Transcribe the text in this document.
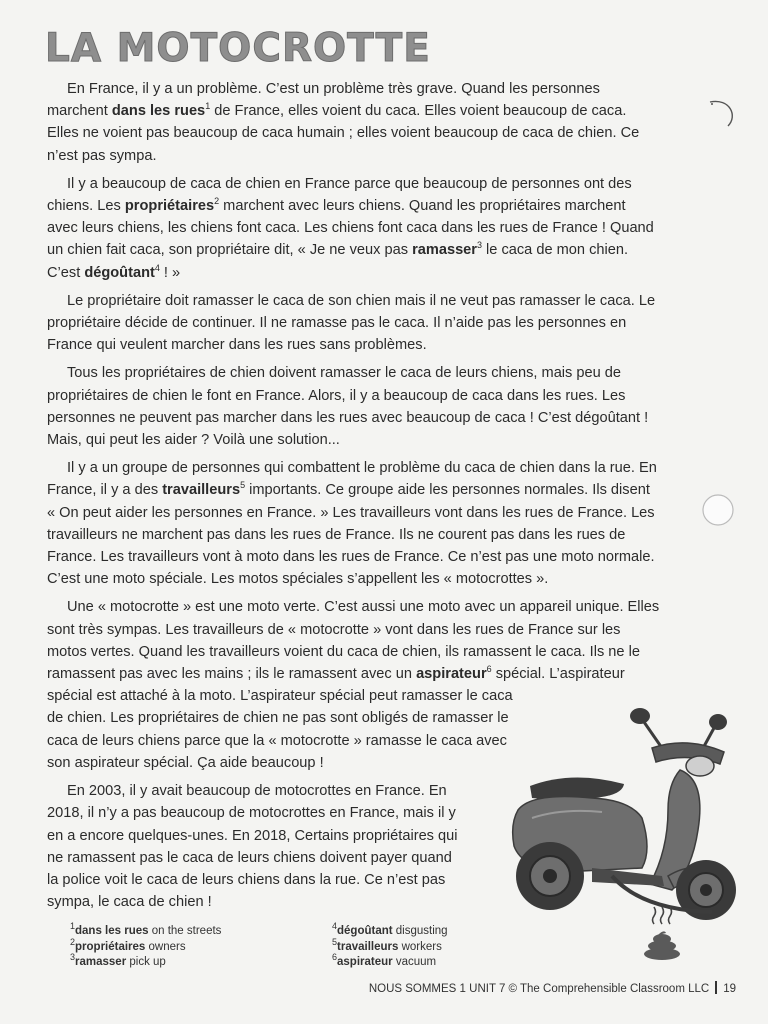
LA MOTOCROTTE
En France, il y a un problème. C’est un problème très grave. Quand les personnes
marchent dans les rues$^1$ de France, elles voient du caca. Elles voient beaucoup de caca.
Elles ne voient pas beaucoup de caca humain ; elles voient beaucoup de caca de chien. Ce
n’est pas sympa.
Il y a beaucoup de caca de chien en France parce que beaucoup de personnes ont des
chiens. Les propriétaires$^2$ marchent avec leurs chiens. Quand les propriétaires marchent
avec leurs chiens, les chiens font caca. Les chiens font caca dans les rues de France ! Quand
un chien fait caca, son propriétaire dit, « Je ne veux pas ramasser$^3$ le caca de mon chien.
C’est dégoûtant$^4$ ! »
Le propriétaire doit ramasser le caca de son chien mais il ne veut pas ramasser le caca. Le
propriétaire décide de continuer. Il ne ramasse pas le caca. Il n’aide pas les personnes en
France qui veulent marcher dans les rues sans problèmes.
Tous les propriétaires de chien doivent ramasser le caca de leurs chiens, mais peu de
propriétaires de chien le font en France. Alors, il y a beaucoup de caca dans les rues. Les
personnes ne peuvent pas marcher dans les rues avec beaucoup de caca ! C’est dégoûtant !
Mais, qui peut les aider ? Voilà une solution...
Il y a un groupe de personnes qui combattent le problème du caca de chien dans la rue. En
France, il y a des travailleurs$^5$ importants. Ce groupe aide les personnes normales. Ils disent
« On peut aider les personnes en France. » Les travailleurs vont dans les rues de France. Les
travailleurs ne marchent pas dans les rues de France. Ils ne courent pas dans les rues de
France. Les travailleurs vont à moto dans les rues de France. Ce n’est pas une moto normale.
C’est une moto spéciale. Les motos spéciales s’appellent les « motocrottes ».
Une « motocrotte » est une moto verte. C’est aussi une moto avec un appareil unique. Elles
sont très sympas. Les travailleurs de « motocrotte » vont dans les rues de France sur les
motos vertes. Quand les travailleurs voient du caca de chien, ils ramassent le caca. Ils ne le
ramassent pas avec les mains ; ils le ramassent avec un aspirateur$^6$ spécial. L’aspirateur
spécial est attaché à la moto. L’aspirateur spécial peut ramasser le caca
de chien. Les propriétaires de chien ne pas sont obligés de ramasser le
caca de leurs chiens parce que la « motocrotte » ramasse le caca avec
son aspirateur spécial. Ça aide beaucoup !
En 2003, il y avait beaucoup de motocrottes en France. En
2018, il n’y a pas beaucoup de motocrottes en France, mais il y
en a encore quelques-unes. En 2018, Certains propriétaires qui
ne ramassent pas le caca de leurs chiens doivent payer quand
la police voit le caca de leurs chiens dans la rue. Ce n’est pas
sympa, le caca de chien !
$^1$dans les rues on the streets
$^2$propriétaires owners
$^3$ramasser pick up
$^4$dégoûtant disgusting
$^5$travailleurs workers
$^6$aspirateur vacuum
NOUS SOMMES 1 UNIT 7 © The Comprehensible Classroom LLC 19
